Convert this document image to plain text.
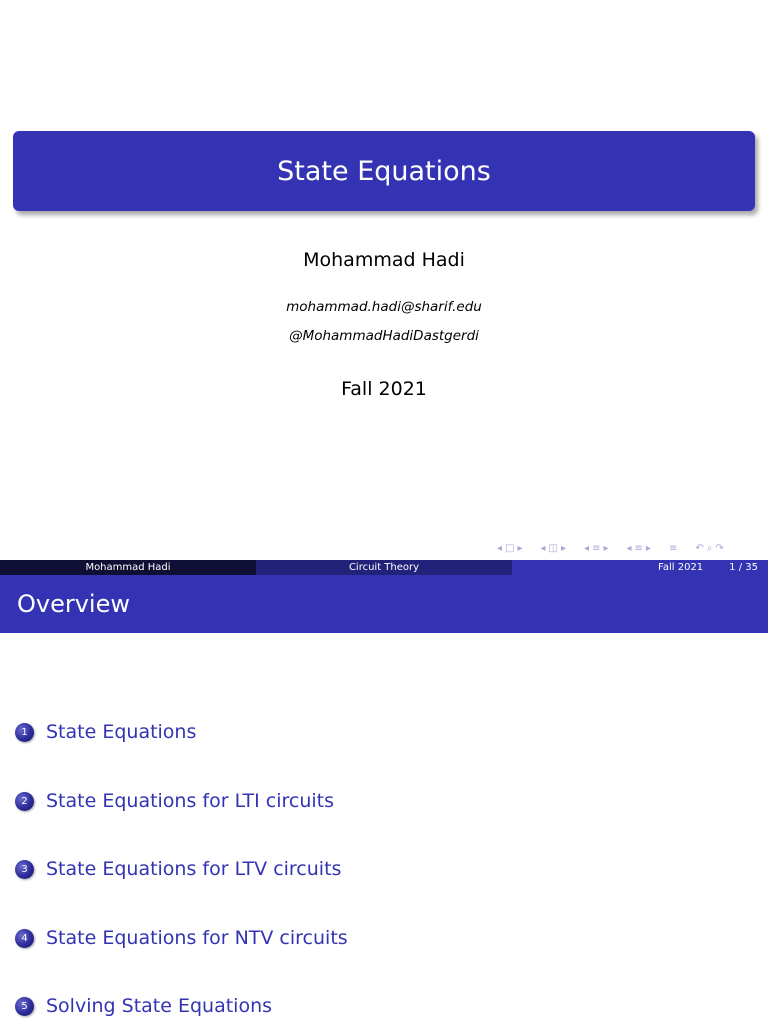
State Equations
Mohammad Hadi
mohammad.hadi@sharif.edu
@MohammadHadiDastgerdi
Fall 2021
◂ □ ▸ ◂ ◫ ▸ ◂ ≡ ▸ ◂ ≡ ▸ ≡ ↶ ⌕ ↷
Mohammad Hadi	Circuit Theory	Fall 2021	1 / 35
Overview
1 State Equations
2 State Equations for LTI circuits
3 State Equations for LTV circuits
4 State Equations for NTV circuits
5 Solving State Equations
